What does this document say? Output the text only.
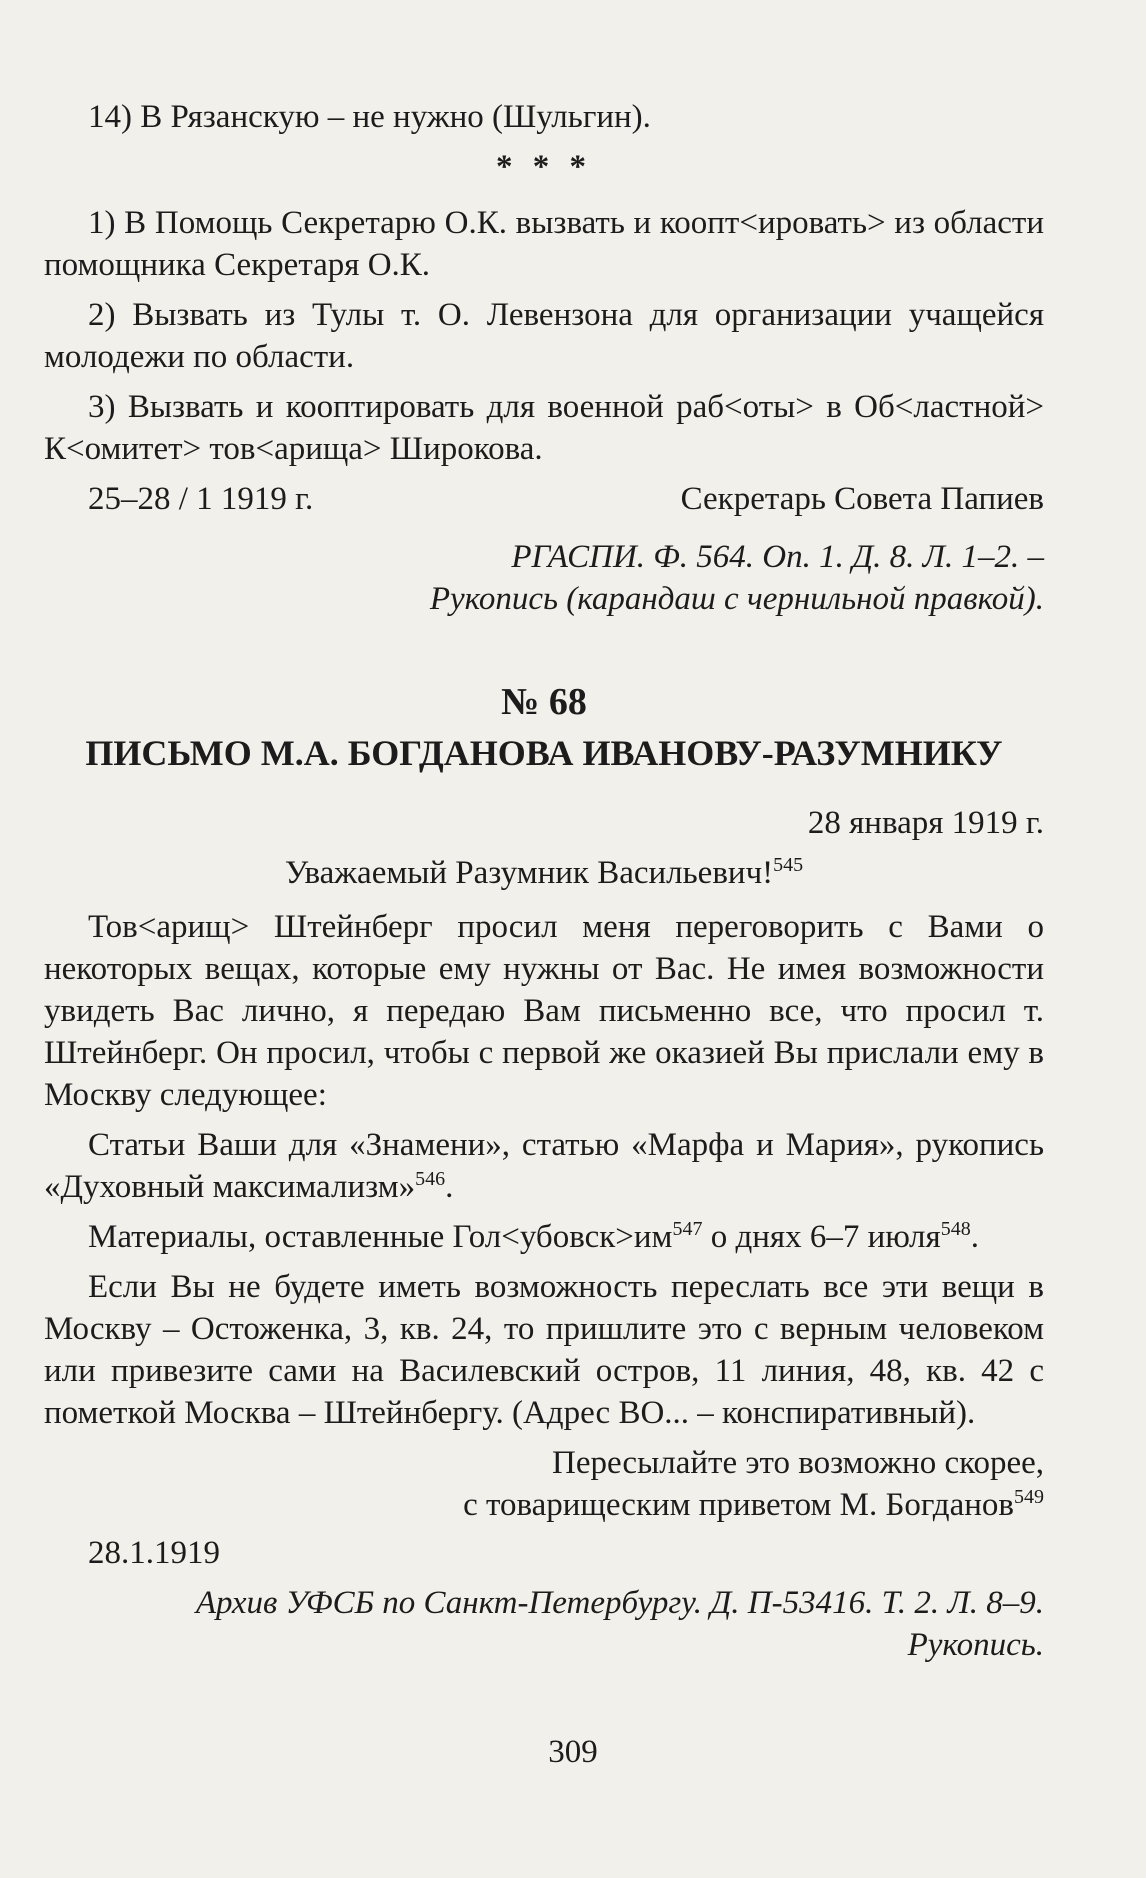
14) В Рязанскую – не нужно (Шульгин).

* * *

1) В Помощь Секретарю О.К. вызвать и коопт<ировать> из области помощника Секретаря О.К.

2) Вызвать из Тулы т. О. Левензона для организации учащейся молодежи по области.

3) Вызвать и кооптировать для военной раб<оты> в Об<ластной> К<омитет> тов<арища> Широкова.

25–28 / 1 1919 г.	Секретарь Совета Папиев

РГАСПИ. Ф. 564. Оп. 1. Д. 8. Л. 1–2. –

Рукопись (карандаш с чернильной правкой).

№ 68
ПИСЬМО М.А. БОГДАНОВА ИВАНОВУ-РАЗУМНИКУ

28 января 1919 г.

Уважаемый Разумник Васильевич!$^{545}$

Тов<арищ> Штейнберг просил меня переговорить с Вами о некоторых вещах, которые ему нужны от Вас. Не имея возможности увидеть Вас лично, я передаю Вам письменно все, что просил т. Штейнберг. Он просил, чтобы с первой же оказией Вы прислали ему в Москву следующее:

Статьи Ваши для «Знамени», статью «Марфа и Мария», рукопись «Духовный максимализм»$^{546}$.

Материалы, оставленные $Гол<убовск>им^{547}$ о днях 6–7 июля$^{548}$.

Если Вы не будете иметь возможность переслать все эти вещи в Москву – Остоженка, 3, кв. 24, то пришлите это с верным человеком или привезите сами на Василевский остров, 11 линия, 48, кв. 42 с пометкой Москва – Штейнбергу. (Адрес ВО... – конспиративный).

Пересылайте это возможно скорее,

с товарищеским приветом М. Богданов$^{549}$

28.1.1919

Архив УФСБ по Санкт-Петербургу. Д. П-53416. Т. 2. Л. 8–9.

Рукопись.

309
